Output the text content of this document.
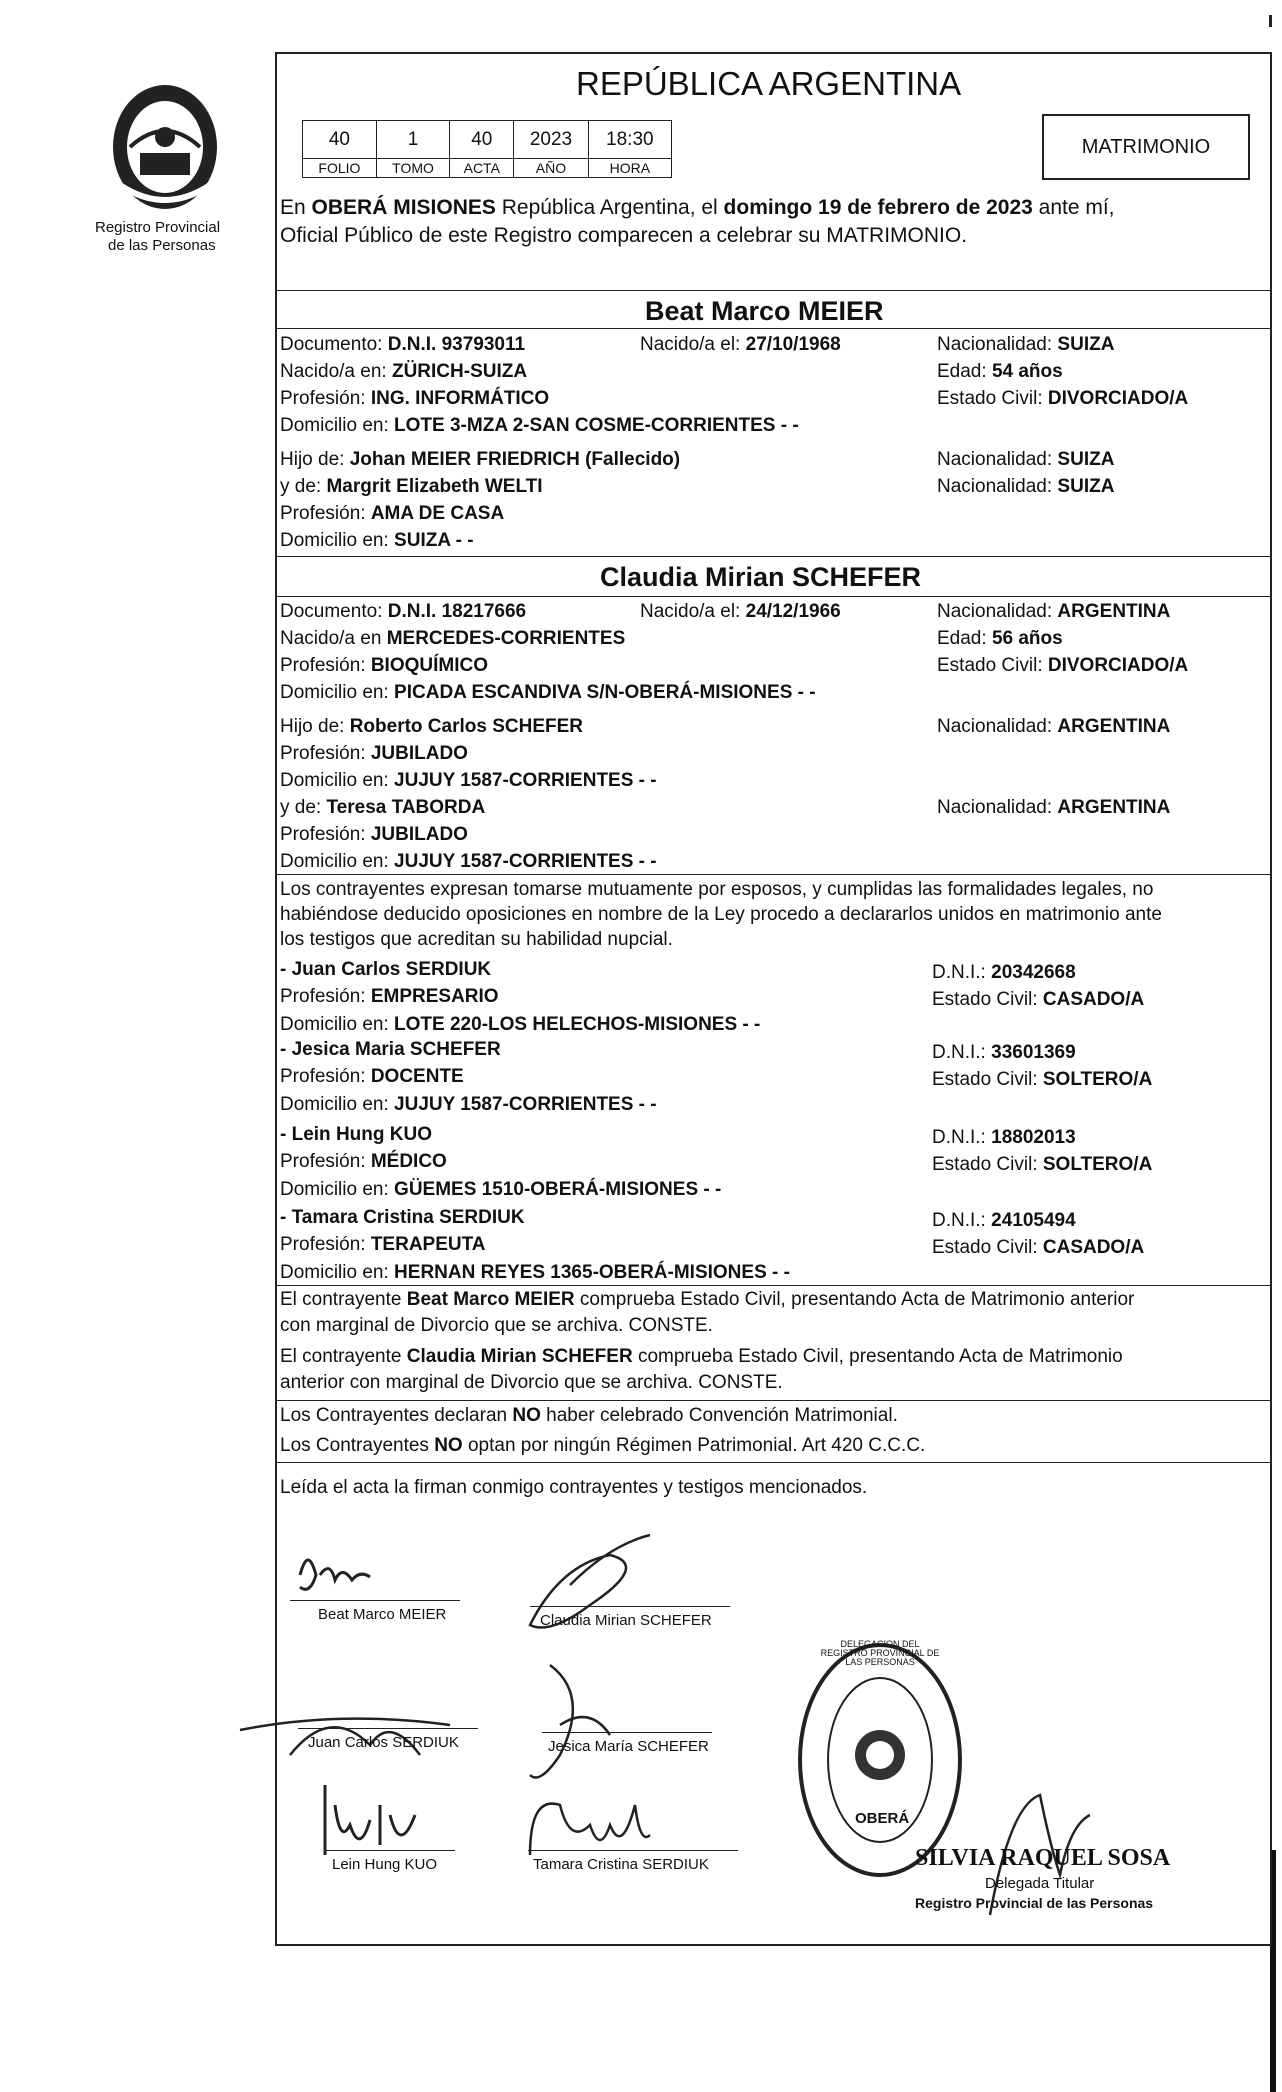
Registro Provincial
de las Personas
REPÚBLICA ARGENTINA
40	1	40	2023	18:30
FOLIO	TOMO	ACTA	AÑO	HORA
MATRIMONIO
En OBERÁ MISIONES República Argentina, el domingo 19 de febrero de 2023 ante mí,
Oficial Público de este Registro comparecen a celebrar su MATRIMONIO.
Beat Marco MEIER
Documento: D.N.I. 93793011	Nacido/a el: 27/10/1968	Nacionalidad: SUIZA
Nacido/a en: ZÜRICH-SUIZA	Edad: 54 años
Profesión: ING. INFORMÁTICO	Estado Civil: DIVORCIADO/A
Domicilio en: LOTE 3-MZA 2-SAN COSME-CORRIENTES - -
Hijo de: Johan MEIER FRIEDRICH (Fallecido)	Nacionalidad: SUIZA
y de: Margrit Elizabeth WELTI	Nacionalidad: SUIZA
Profesión: AMA DE CASA
Domicilio en: SUIZA - -
Claudia Mirian SCHEFER
Documento: D.N.I. 18217666	Nacido/a el: 24/12/1966	Nacionalidad: ARGENTINA
Nacido/a en MERCEDES-CORRIENTES	Edad: 56 años
Profesión: BIOQUÍMICO	Estado Civil: DIVORCIADO/A
Domicilio en: PICADA ESCANDIVA S/N-OBERÁ-MISIONES - -
Hijo de: Roberto Carlos SCHEFER	Nacionalidad: ARGENTINA
Profesión: JUBILADO
Domicilio en: JUJUY 1587-CORRIENTES - -
y de: Teresa TABORDA	Nacionalidad: ARGENTINA
Profesión: JUBILADO
Domicilio en: JUJUY 1587-CORRIENTES - -
Los contrayentes expresan tomarse mutuamente por esposos, y cumplidas las formalidades legales, no
habiéndose deducido oposiciones en nombre de la Ley procedo a declararlos unidos en matrimonio ante
los testigos que acreditan su habilidad nupcial.
- Juan Carlos SERDIUK	D.N.I.: 20342668
Profesión: EMPRESARIO	Estado Civil: CASADO/A
Domicilio en: LOTE 220-LOS HELECHOS-MISIONES - -
- Jesica Maria SCHEFER	D.N.I.: 33601369
Profesión: DOCENTE	Estado Civil: SOLTERO/A
Domicilio en: JUJUY 1587-CORRIENTES - -
- Lein Hung KUO	D.N.I.: 18802013
Profesión: MÉDICO	Estado Civil: SOLTERO/A
Domicilio en: GÜEMES 1510-OBERÁ-MISIONES - -
- Tamara Cristina SERDIUK	D.N.I.: 24105494
Profesión: TERAPEUTA	Estado Civil: CASADO/A
Domicilio en: HERNAN REYES 1365-OBERÁ-MISIONES - -
El contrayente Beat Marco MEIER comprueba Estado Civil, presentando Acta de Matrimonio anterior
con marginal de Divorcio que se archiva. CONSTE.
El contrayente Claudia Mirian SCHEFER comprueba Estado Civil, presentando Acta de Matrimonio
anterior con marginal de Divorcio que se archiva. CONSTE.
Los Contrayentes declaran NO haber celebrado Convención Matrimonial.
Los Contrayentes NO optan por ningún Régimen Patrimonial. Art 420 C.C.C.
Leída el acta la firman conmigo contrayentes y testigos mencionados.
Beat Marco MEIER	Claudia Mirian SCHEFER
Juan Carlos SERDIUK	Jesica María SCHEFER
Lein Hung KUO	Tamara Cristina SERDIUK
DELEGACION DEL REGISTRO PROVINCIAL DE LAS PERSONAS
OBERÁ
SILVIA RAQUEL SOSA
Delegada Titular
Registro Provincial de las Personas
